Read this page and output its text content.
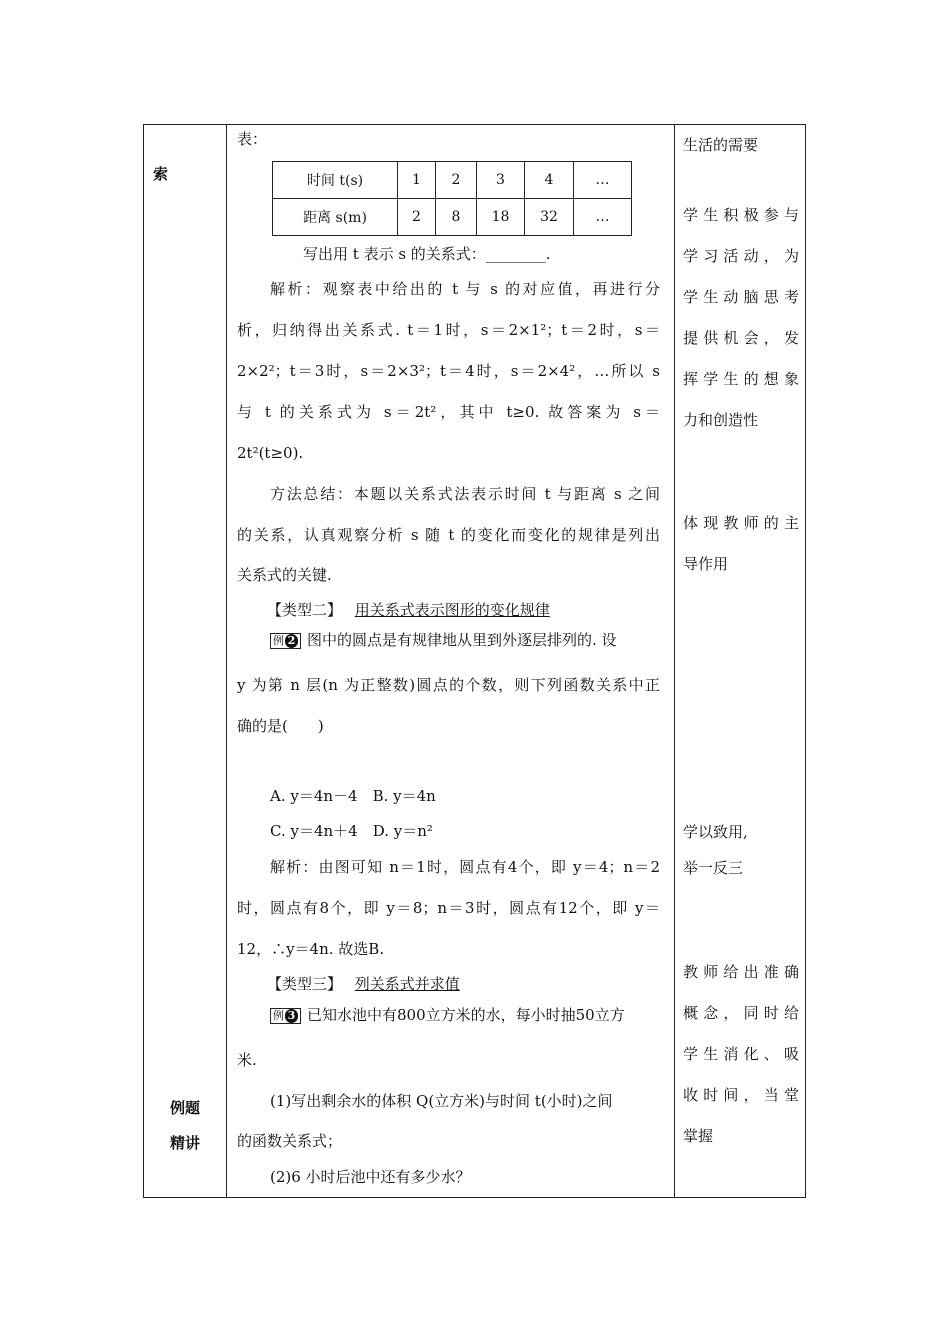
索
例题
精讲
表：
时间 t(s)	1	2	3	4	…
距离 s(m)	2	8	18	32	…
写出用 t 表示 s 的关系式：________.
解析：观察表中给出的 t 与 s 的对应值，再进行分
析，归纳得出关系式. t＝1时，s＝2×1²；t＝2时，s＝
2×2²；t＝3时，s＝2×3²；t＝4时，s＝2×4²，…所以 s
与 t 的关系式为 s＝2t²，其中 t≥0. 故答案为 s＝
2t²(t≥0).
方法总结：本题以关系式法表示时间 t 与距离 s 之间
的关系，认真观察分析 s 随 t 的变化而变化的规律是列出
关系式的关键.
【类型二】 用关系式表示图形的变化规律
例 2 图中的圆点是有规律地从里到外逐层排列的. 设
y 为第 n 层(n 为正整数)圆点的个数，则下列函数关系中正
确的是(　　)
A. y＝4n－4　B. y＝4n
C. y＝4n＋4　D. y＝n²
解析：由图可知 n＝1时，圆点有4个，即 y＝4；n＝2
时，圆点有8个，即 y＝8；n＝3时，圆点有12个，即 y＝
12，∴y＝4n. 故选B.
【类型三】 列关系式并求值
例 3 已知水池中有800立方米的水，每小时抽50立方
米.
(1)写出剩余水的体积 Q(立方米)与时间 t(小时)之间
的函数关系式；
(2)6 小时后池中还有多少水？
生活的需要
学生积极参与
学习活动，为
学生动脑思考
提供机会，发
挥学生的想象
力和创造性
体现教师的主
导作用
学以致用,
举一反三
教师给出准确
概念，同时给
学生消化、吸
收时间，当堂
掌握
